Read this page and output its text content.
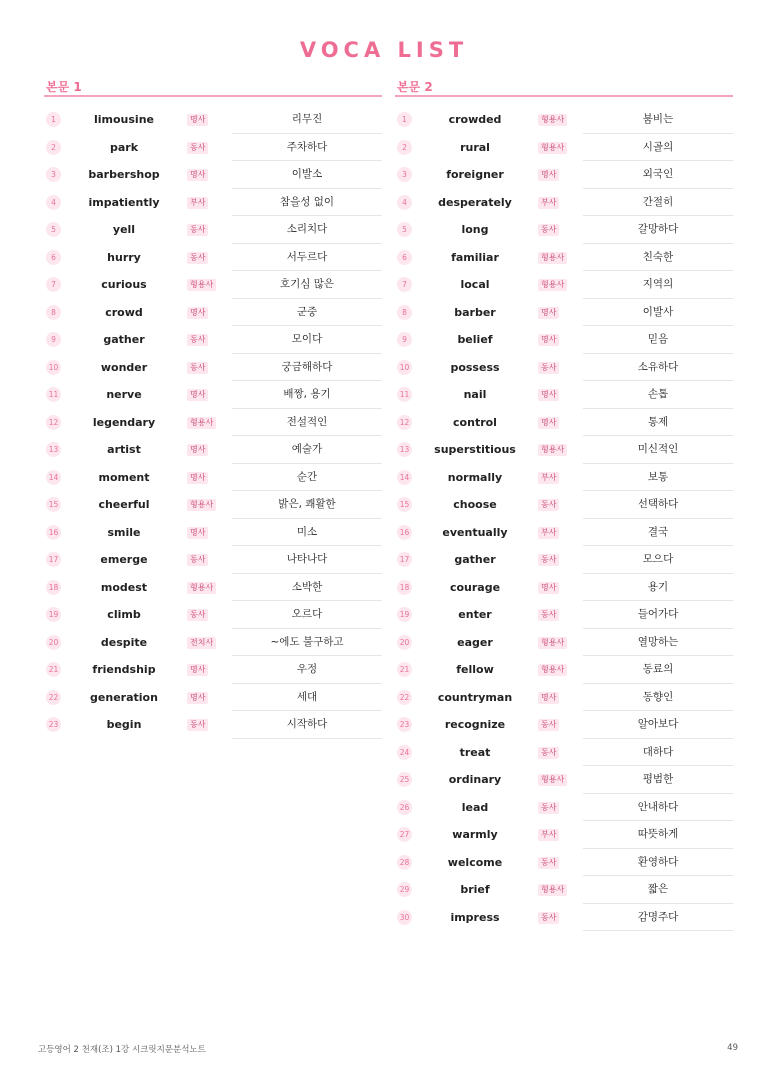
VOCA LIST
본문 1
1	limousine	명사	리무진
2	park	동사	주차하다
3	barbershop	명사	이발소
4	impatiently	부사	참을성 없이
5	yell	동사	소리치다
6	hurry	동사	서두르다
7	curious	형용사	호기심 많은
8	crowd	명사	군중
9	gather	동사	모이다
10	wonder	동사	궁금해하다
11	nerve	명사	배짱, 용기
12	legendary	형용사	전설적인
13	artist	명사	예술가
14	moment	명사	순간
15	cheerful	형용사	밝은, 쾌활한
16	smile	명사	미소
17	emerge	동사	나타나다
18	modest	형용사	소박한
19	climb	동사	오르다
20	despite	전치사	~에도 불구하고
21	friendship	명사	우정
22	generation	명사	세대
23	begin	동사	시작하다
본문 2
1	crowded	형용사	붐비는
2	rural	형용사	시골의
3	foreigner	명사	외국인
4	desperately	부사	간절히
5	long	동사	갈망하다
6	familiar	형용사	친숙한
7	local	형용사	지역의
8	barber	명사	이발사
9	belief	명사	믿음
10	possess	동사	소유하다
11	nail	명사	손톱
12	control	명사	통제
13	superstitious	형용사	미신적인
14	normally	부사	보통
15	choose	동사	선택하다
16	eventually	부사	결국
17	gather	동사	모으다
18	courage	명사	용기
19	enter	동사	들어가다
20	eager	형용사	열망하는
21	fellow	형용사	동료의
22	countryman	명사	동향인
23	recognize	동사	알아보다
24	treat	동사	대하다
25	ordinary	형용사	평범한
26	lead	동사	안내하다
27	warmly	부사	따뜻하게
28	welcome	동사	환영하다
29	brief	형용사	짧은
30	impress	동사	감명주다
고등영어 2 천재(조) 1강 시크릿지문분석노트	49
